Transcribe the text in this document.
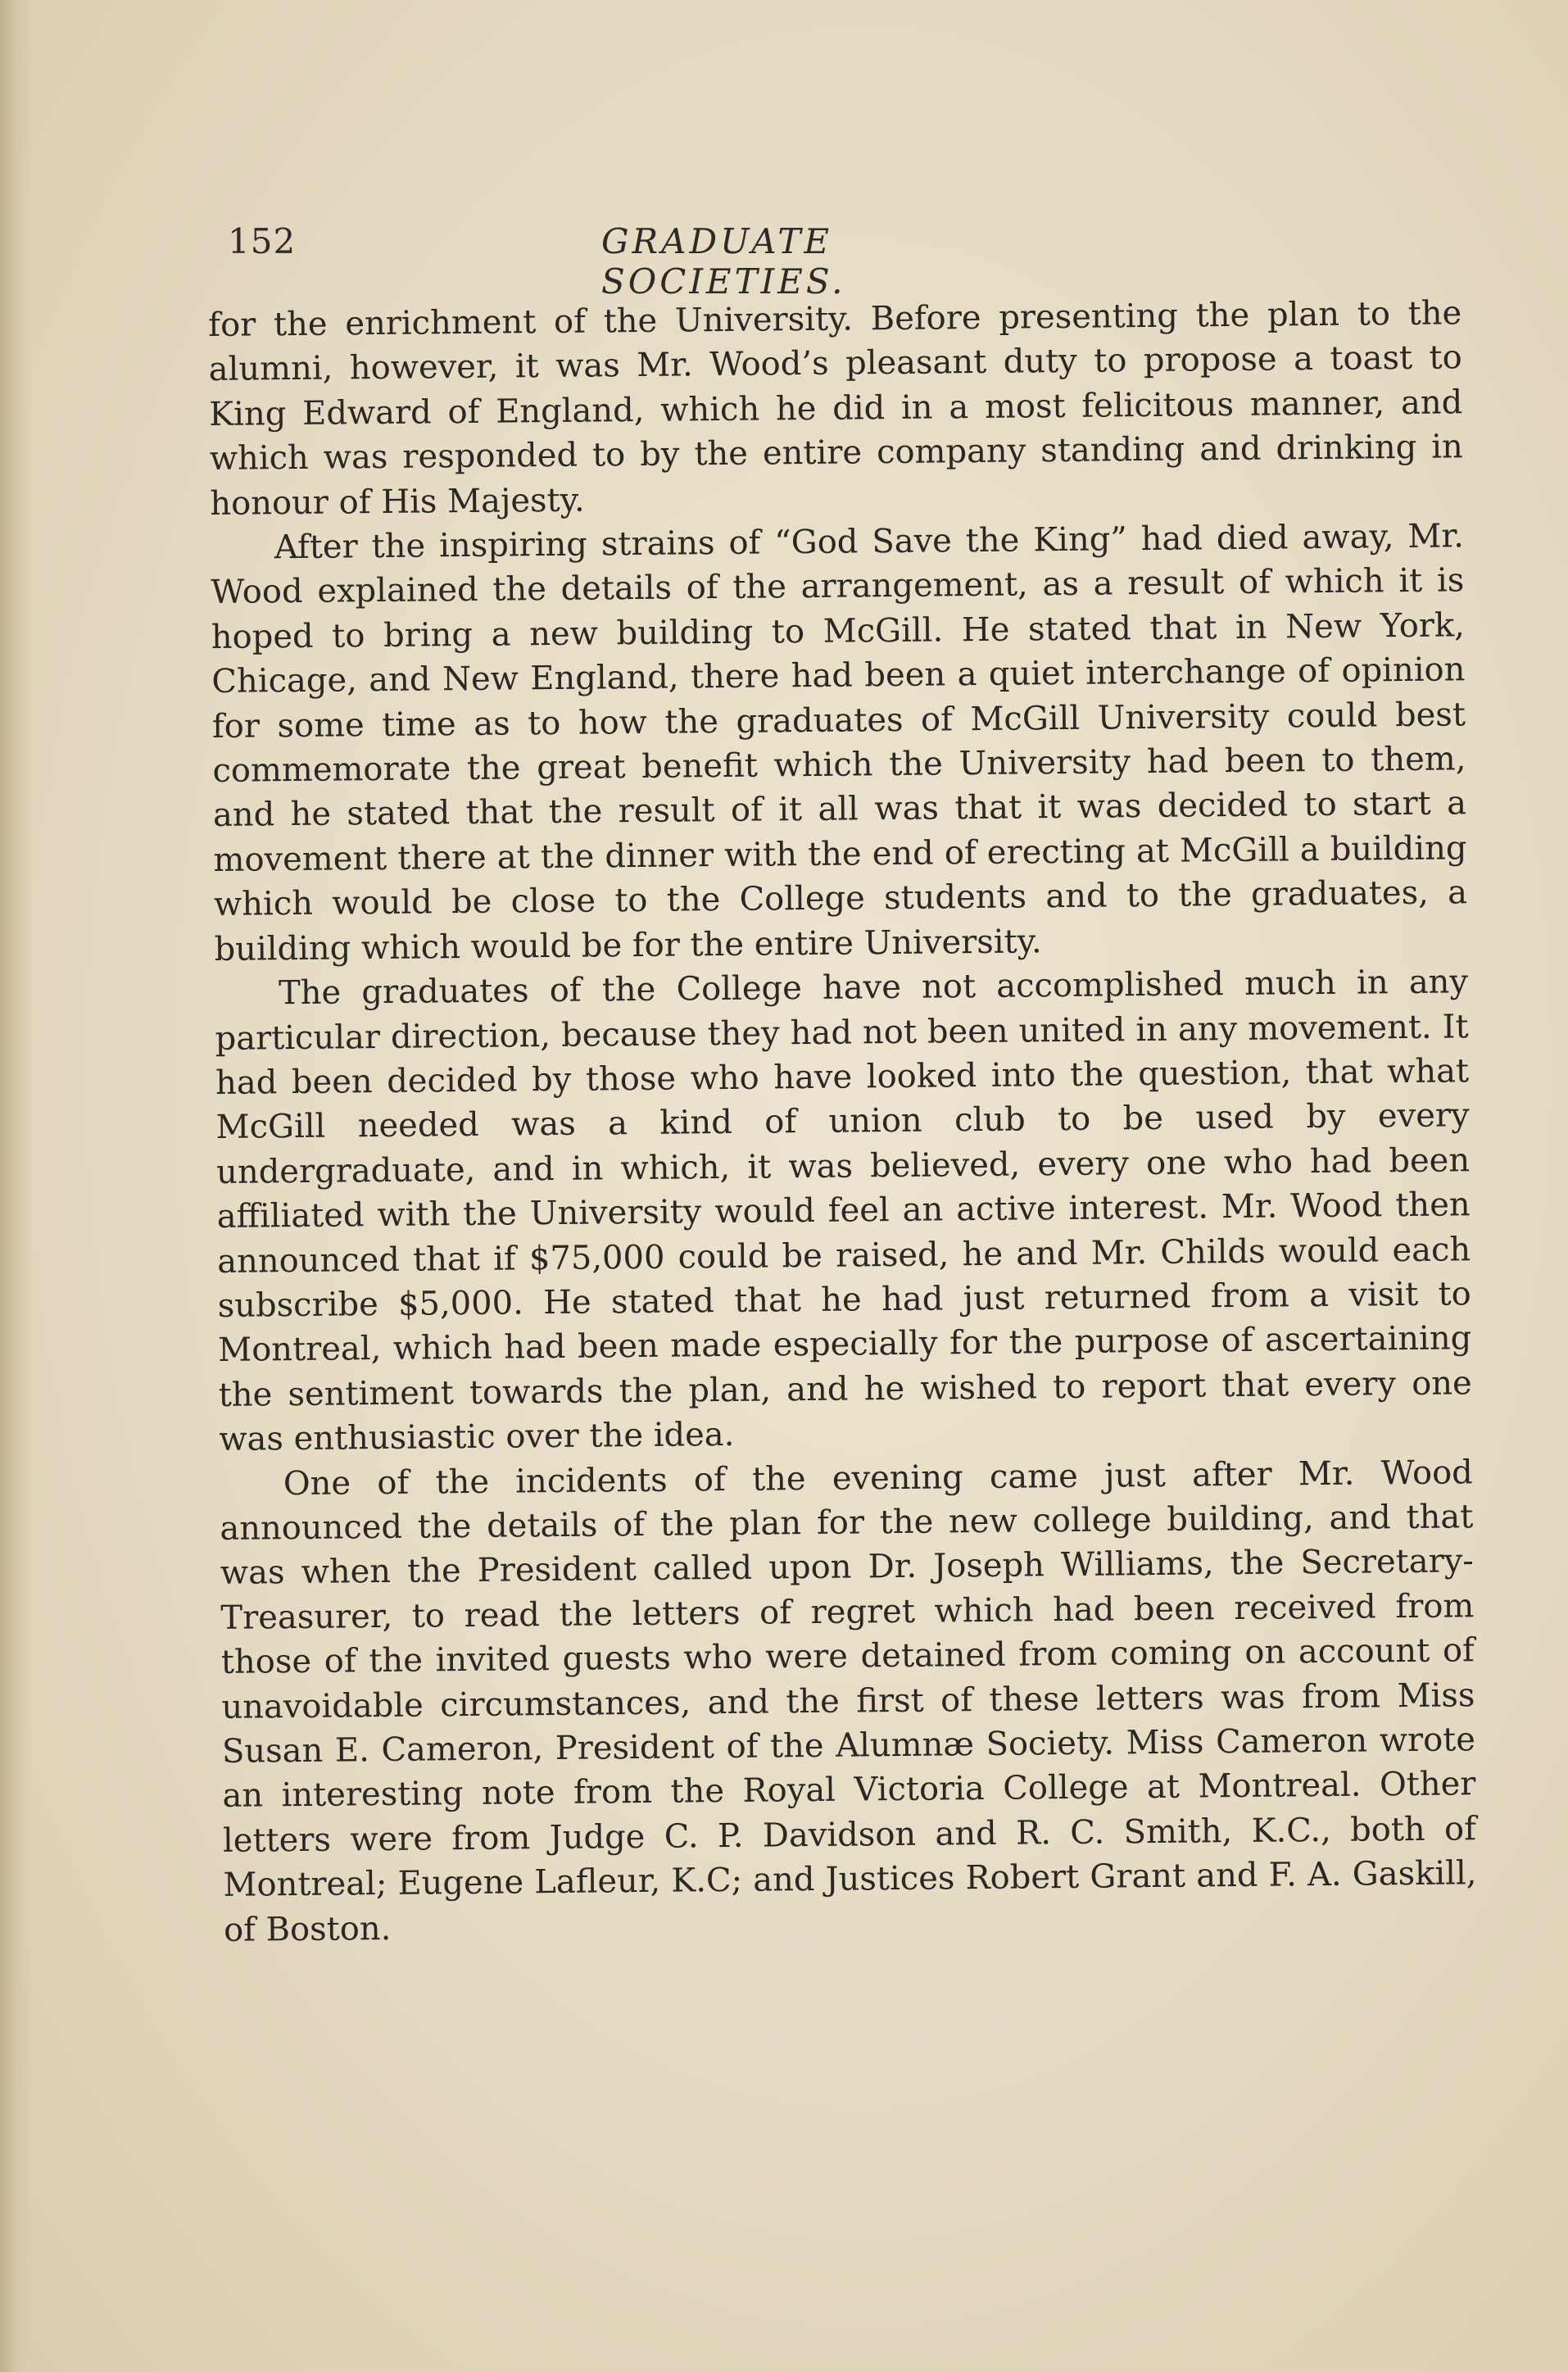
152	GRADUATE SOCIETIES.

for the enrichment of the University. Before presenting the plan to the alumni, however, it was Mr. Wood’s pleasant duty to propose a toast to King Edward of England, which he did in a most felicitous manner, and which was responded to by the entire company standing and drinking in honour of His Majesty.

After the inspiring strains of “God Save the King” had died away, Mr. Wood explained the details of the arrangement, as a result of which it is hoped to bring a new building to McGill. He stated that in New York, Chicage, and New England, there had been a quiet interchange of opinion for some time as to how the graduates of McGill University could best commemorate the great benefit which the University had been to them, and he stated that the result of it all was that it was decided to start a movement there at the dinner with the end of erecting at McGill a building which would be close to the College students and to the graduates, a building which would be for the entire University.

The graduates of the College have not accomplished much in any particular direction, because they had not been united in any movement. It had been decided by those who have looked into the question, that what McGill needed was a kind of union club to be used by every undergraduate, and in which, it was believed, every one who had been affiliated with the University would feel an active interest. Mr. Wood then announced that if $75,000 could be raised, he and Mr. Childs would each subscribe $5,000. He stated that he had just returned from a visit to Montreal, which had been made especially for the purpose of ascertaining the sentiment towards the plan, and he wished to report that every one was enthusiastic over the idea.

One of the incidents of the evening came just after Mr. Wood announced the details of the plan for the new college building, and that was when the President called upon Dr. Joseph Williams, the Secretary-Treasurer, to read the letters of regret which had been received from those of the invited guests who were detained from coming on account of unavoidable circumstances, and the first of these letters was from Miss Susan E. Cameron, President of the Alumnæ Society. Miss Cameron wrote an interesting note from the Royal Victoria College at Montreal. Other letters were from Judge C. P. Davidson and R. C. Smith, K.C., both of Montreal; Eugene Lafleur, K.C; and Justices Robert Grant and F. A. Gaskill, of Boston.
